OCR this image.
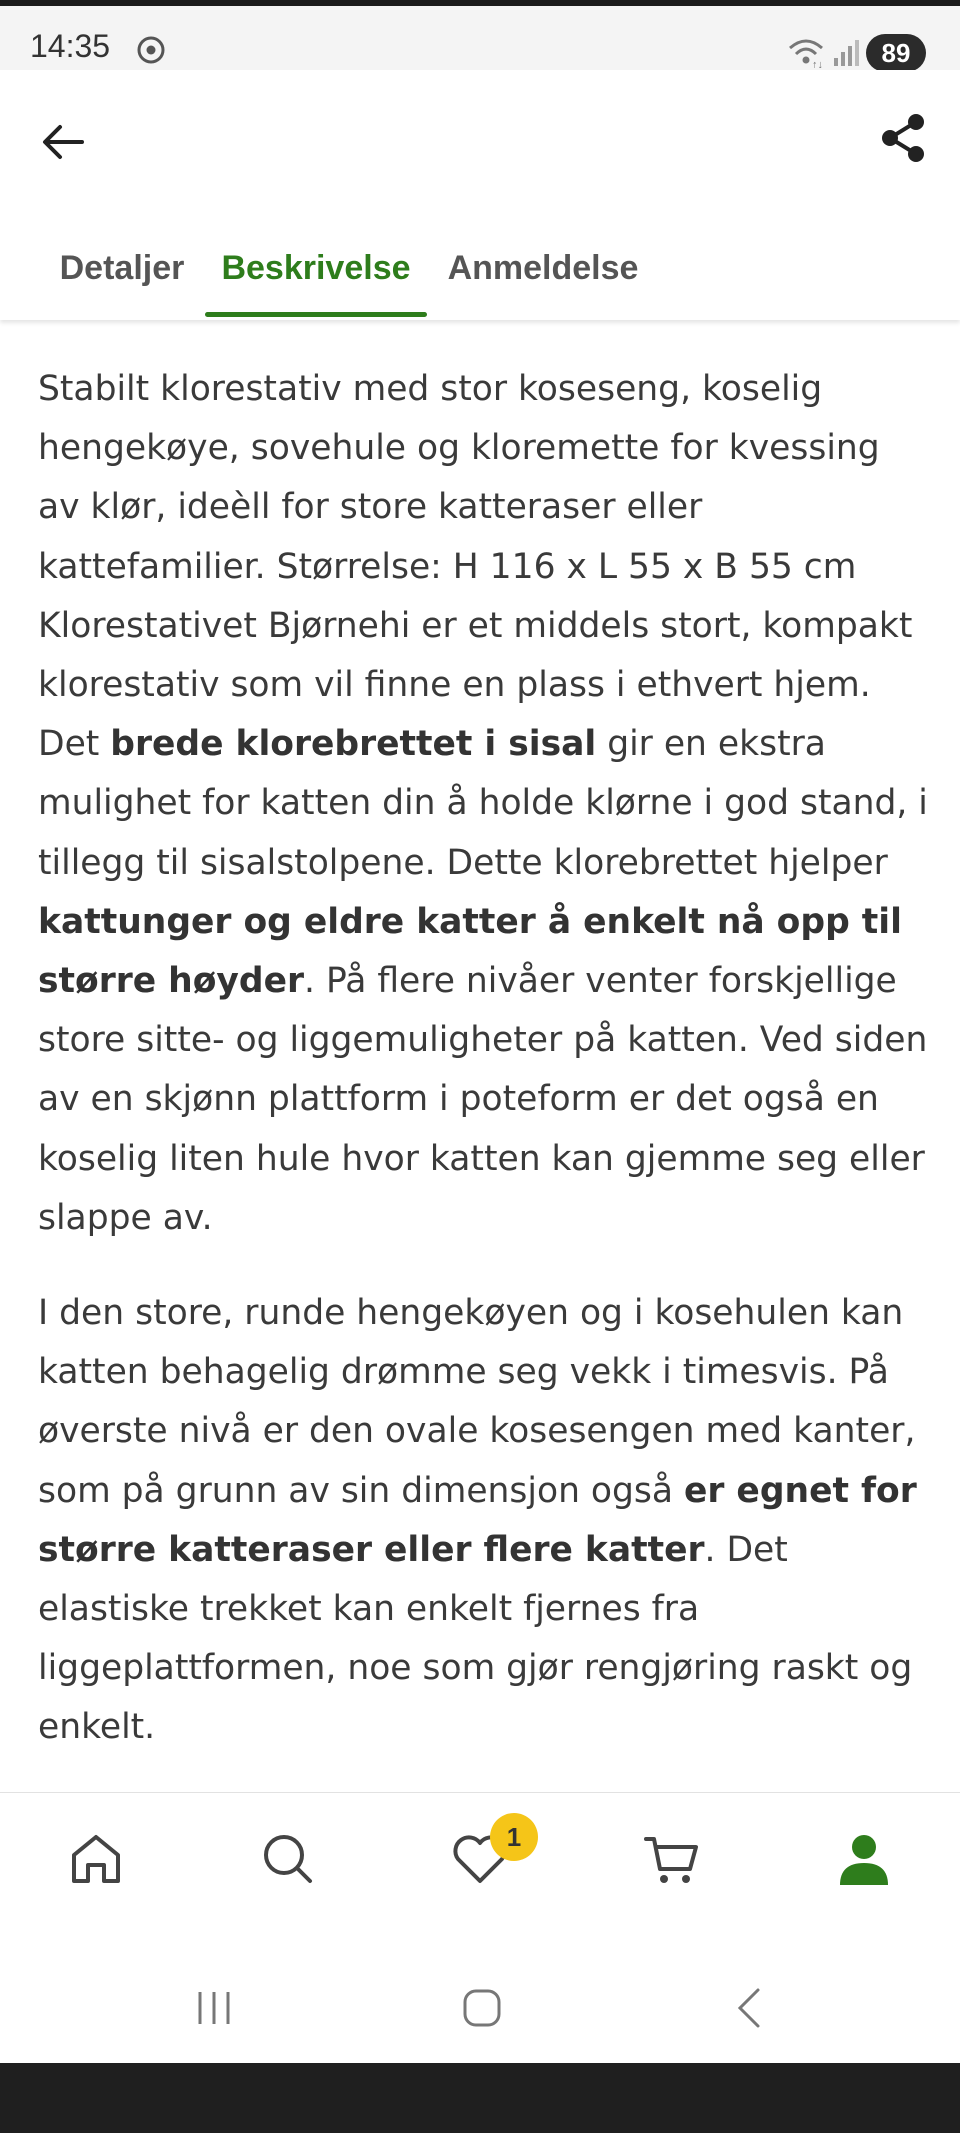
14:35
↑↓	89
Detaljer	Beskrivelse	Anmeldelse

Stabilt klorestativ med stor koseseng, koselig hengekøye, sovehule og kloremette for kvessing av klør, ideèll for store katteraser eller kattefamilier. Størrelse: H 116 x L 55 x B 55 cm Klorestativet Bjørnehi er et middels stort, kompakt klorestativ som vil finne en plass i ethvert hjem. Det brede klorebrettet i sisal gir en ekstra mulighet for katten din å holde klørne i god stand, i tillegg til sisalstolpene. Dette klorebrettet hjelper kattunger og eldre katter å enkelt nå opp til større høyder. På flere nivåer venter forskjellige store sitte- og liggemuligheter på katten. Ved siden av en skjønn plattform i poteform er det også en koselig liten hule hvor katten kan gjemme seg eller slappe av.

I den store, runde hengekøyen og i kosehulen kan katten behagelig drømme seg vekk i timesvis. På øverste nivå er den ovale kosesengen med kanter, som på grunn av sin dimensjon også er egnet for større katteraser eller flere katter. Det elastiske trekket kan enkelt fjernes fra liggeplattformen, noe som gjør rengjøring raskt og enkelt.

1
